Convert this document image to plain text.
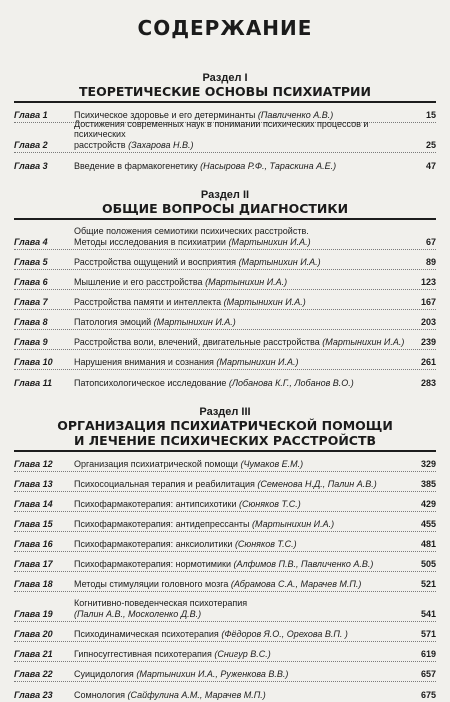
СОДЕРЖАНИЕ
Раздел I
ТЕОРЕТИЧЕСКИЕ ОСНОВЫ ПСИХИАТРИИ
Глава 1	Психическое здоровье и его детерминанты (Павличенко А.В.)	15
Глава 2
Достижения современных наук в понимании психических процессов и психических
расстройств (Захарова Н.В.)	25
Глава 3	Введение в фармакогенетику (Насырова Р.Ф., Тараскина А.Е.)	47
Раздел II
ОБЩИЕ ВОПРОСЫ ДИАГНОСТИКИ
Глава 4
Общие положения семиотики психических расстройств.
Методы исследования в психиатрии (Мартынихин И.А.)	67
Глава 5	Расстройства ощущений и восприятия (Мартынихин И.А.)	89
Глава 6	Мышление и его расстройства (Мартынихин И.А.)	123
Глава 7	Расстройства памяти и интеллекта (Мартынихин И.А.)	167
Глава 8	Патология эмоций (Мартынихин И.А.)	203
Глава 9	Расстройства воли, влечений, двигательные расстройства (Мартынихин И.А.)	239
Глава 10	Нарушения внимания и сознания (Мартынихин И.А.)	261
Глава 11	Патопсихологическое исследование (Лобанова К.Г., Лобанов В.О.)	283
Раздел III
ОРГАНИЗАЦИЯ ПСИХИАТРИЧЕСКОЙ ПОМОЩИ
И ЛЕЧЕНИЕ ПСИХИЧЕСКИХ РАССТРОЙСТВ
Глава 12	Организация психиатрической помощи (Чумаков Е.М.)	329
Глава 13	Психосоциальная терапия и реабилитация (Семенова Н.Д., Палин А.В.)	385
Глава 14	Психофармакотерапия: антипсихотики (Сюняков Т.С.)	429
Глава 15	Психофармакотерапия: антидепрессанты (Мартынихин И.А.)	455
Глава 16	Психофармакотерапия: анксиолитики (Сюняков Т.С.)	481
Глава 17	Психофармакотерапия: нормотимики (Алфимов П.В., Павличенко А.В.)	505
Глава 18	Методы стимуляции головного мозга (Абрамова С.А., Марачев М.П.)	521
Глава 19
Когнитивно-поведенческая психотерапия
(Палин А.В., Москоленко Д.В.)	541
Глава 20	Психодинамическая психотерапия (Фёдоров Я.О., Орехова В.П. )	571
Глава 21	Гипносуггестивная психотерапия (Снигур В.С.)	619
Глава 22	Суицидология (Мартынихин И.А., Руженкова В.В.)	657
Глава 23	Сомнология (Сайфулина А.М., Марачев М.П.)	675
